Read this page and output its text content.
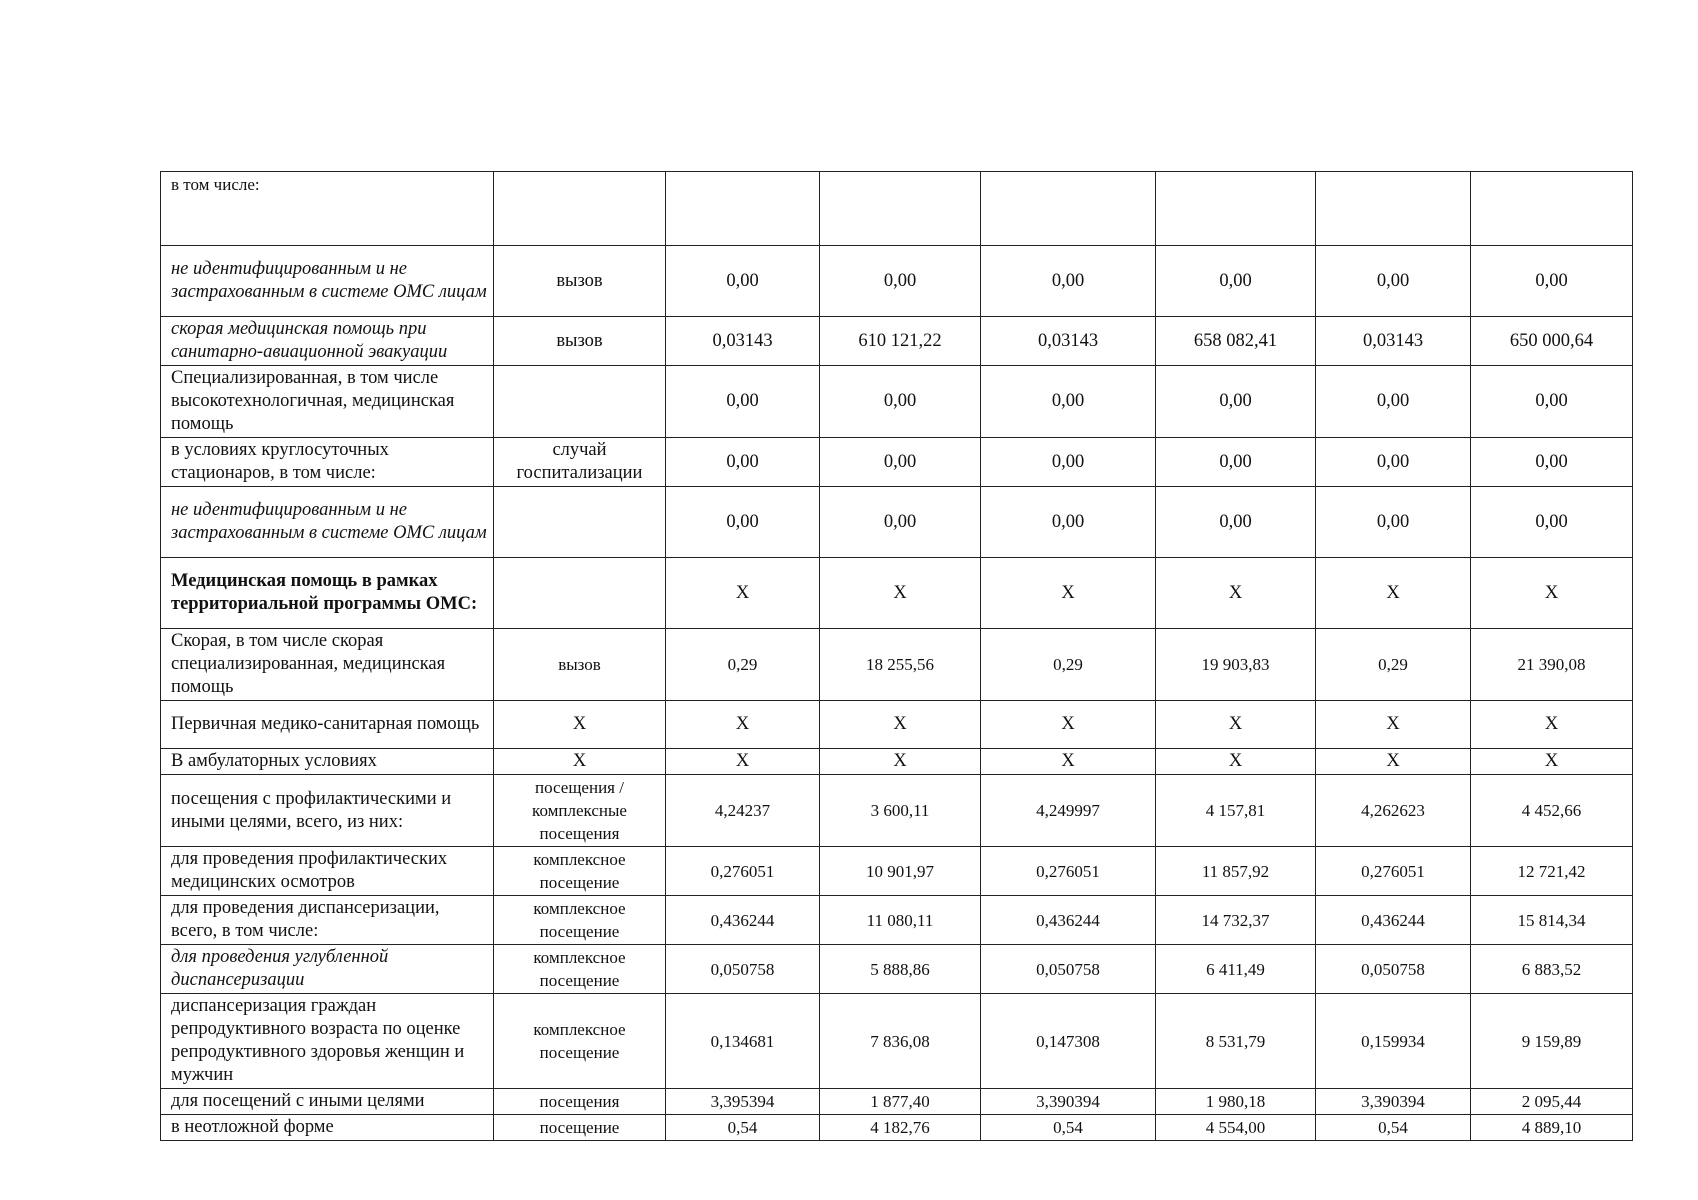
в том числе:							
не идентифицированным и не застрахованным в системе ОМС лицам	вызов	0,00	0,00	0,00	0,00	0,00	0,00
скорая медицинская помощь при санитарно-авиационной эвакуации	вызов	0,03143	610 121,22	0,03143	658 082,41	0,03143	650 000,64
Специализированная, в том числе высокотехнологичная, медицинская помощь		0,00	0,00	0,00	0,00	0,00	0,00
в условиях круглосуточных стационаров, в том числе:	случай госпитализации	0,00	0,00	0,00	0,00	0,00	0,00
не идентифицированным и не застрахованным в системе ОМС лицам		0,00	0,00	0,00	0,00	0,00	0,00
Медицинская помощь в рамках территориальной программы ОМС:		X	X	X	X	X	X
Скорая, в том числе скорая специализированная, медицинская помощь	вызов	0,29	18 255,56	0,29	19 903,83	0,29	21 390,08
Первичная медико-санитарная помощь	X	X	X	X	X	X	X
В амбулаторных условиях	X	X	X	X	X	X	X
посещения с профилактическими и иными целями, всего, из них:	посещения / комплексные посещения	4,24237	3 600,11	4,249997	4 157,81	4,262623	4 452,66
для проведения профилактических медицинских осмотров	комплексное посещение	0,276051	10 901,97	0,276051	11 857,92	0,276051	12 721,42
для проведения диспансеризации, всего, в том числе:	комплексное посещение	0,436244	11 080,11	0,436244	14 732,37	0,436244	15 814,34
для проведения углубленной диспансеризации	комплексное посещение	0,050758	5 888,86	0,050758	6 411,49	0,050758	6 883,52
диспансеризация граждан репродуктивного возраста по оценке репродуктивного здоровья женщин и мужчин	комплексное посещение	0,134681	7 836,08	0,147308	8 531,79	0,159934	9 159,89
для посещений с иными целями	посещения	3,395394	1 877,40	3,390394	1 980,18	3,390394	2 095,44
в неотложной форме	посещение	0,54	4 182,76	0,54	4 554,00	0,54	4 889,10
